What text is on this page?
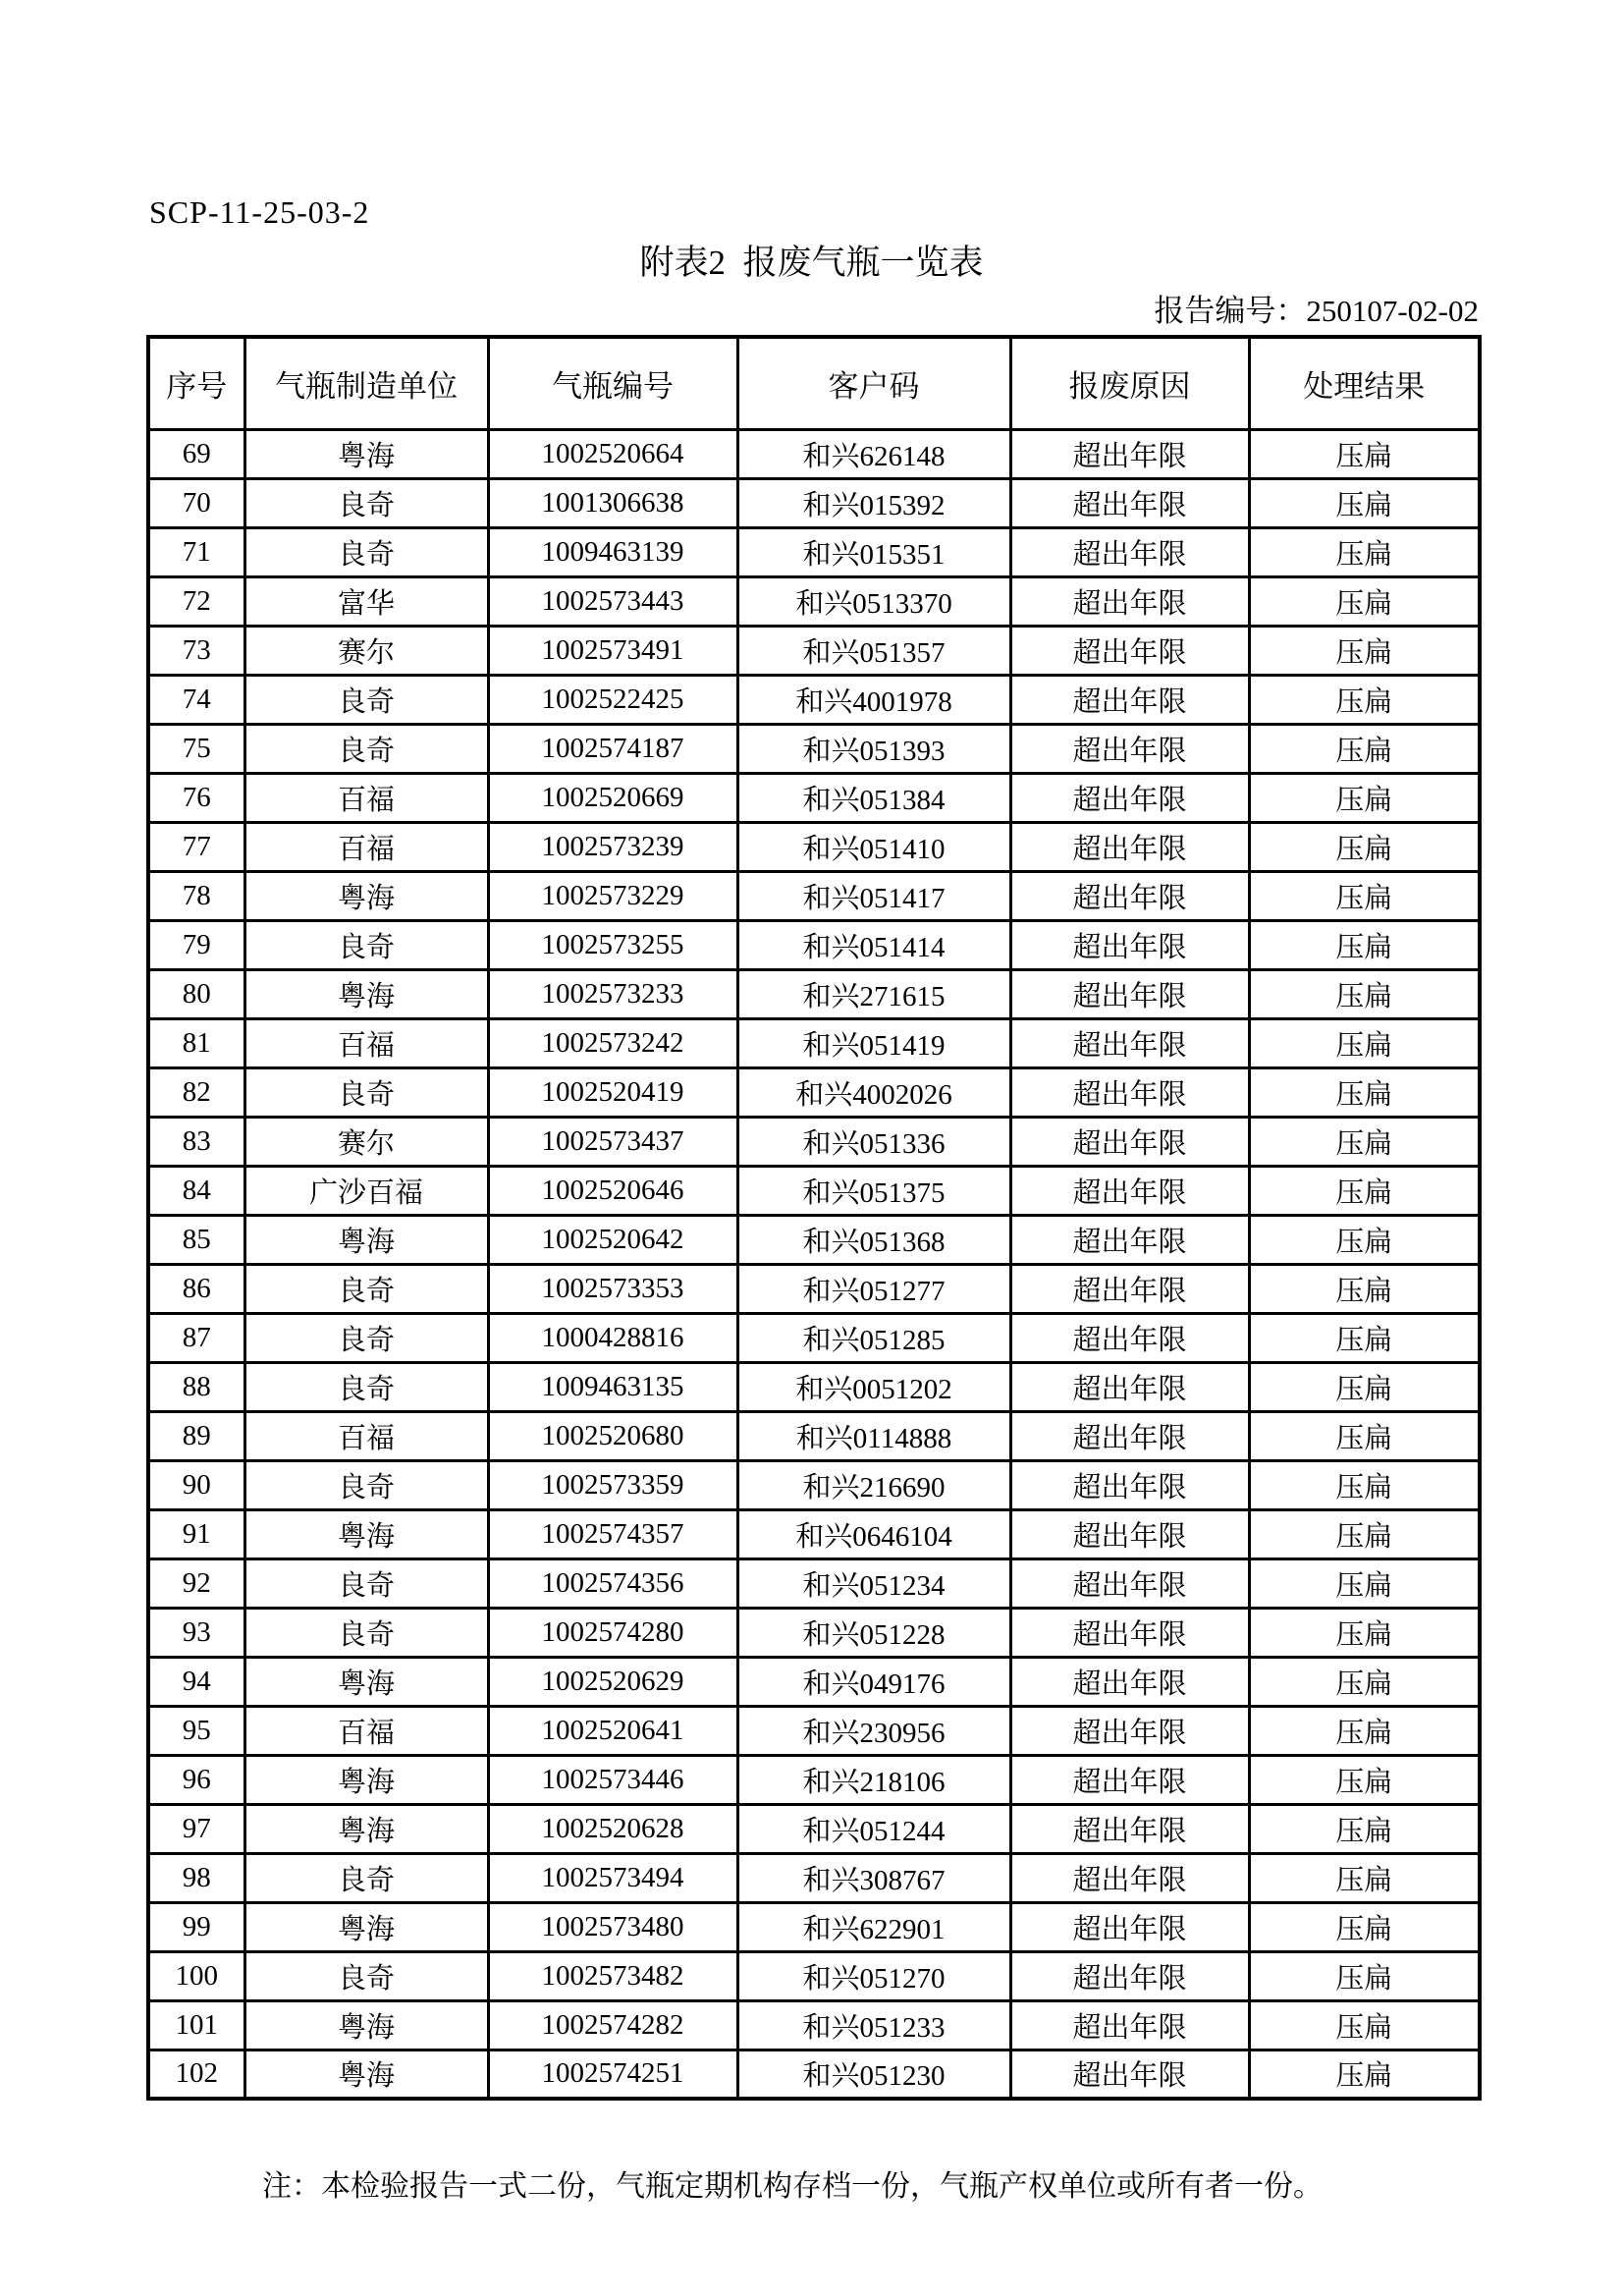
SCP-11-25-03-2
附表2  报废气瓶一览表
报告编号：250107-02-02
序号	气瓶制造单位	气瓶编号	客户码	报废原因	处理结果
69	粤海	1002520664	和兴626148	超出年限	压扁
70	良奇	1001306638	和兴015392	超出年限	压扁
71	良奇	1009463139	和兴015351	超出年限	压扁
72	富华	1002573443	和兴0513370	超出年限	压扁
73	赛尔	1002573491	和兴051357	超出年限	压扁
74	良奇	1002522425	和兴4001978	超出年限	压扁
75	良奇	1002574187	和兴051393	超出年限	压扁
76	百福	1002520669	和兴051384	超出年限	压扁
77	百福	1002573239	和兴051410	超出年限	压扁
78	粤海	1002573229	和兴051417	超出年限	压扁
79	良奇	1002573255	和兴051414	超出年限	压扁
80	粤海	1002573233	和兴271615	超出年限	压扁
81	百福	1002573242	和兴051419	超出年限	压扁
82	良奇	1002520419	和兴4002026	超出年限	压扁
83	赛尔	1002573437	和兴051336	超出年限	压扁
84	广沙百福	1002520646	和兴051375	超出年限	压扁
85	粤海	1002520642	和兴051368	超出年限	压扁
86	良奇	1002573353	和兴051277	超出年限	压扁
87	良奇	1000428816	和兴051285	超出年限	压扁
88	良奇	1009463135	和兴0051202	超出年限	压扁
89	百福	1002520680	和兴0114888	超出年限	压扁
90	良奇	1002573359	和兴216690	超出年限	压扁
91	粤海	1002574357	和兴0646104	超出年限	压扁
92	良奇	1002574356	和兴051234	超出年限	压扁
93	良奇	1002574280	和兴051228	超出年限	压扁
94	粤海	1002520629	和兴049176	超出年限	压扁
95	百福	1002520641	和兴230956	超出年限	压扁
96	粤海	1002573446	和兴218106	超出年限	压扁
97	粤海	1002520628	和兴051244	超出年限	压扁
98	良奇	1002573494	和兴308767	超出年限	压扁
99	粤海	1002573480	和兴622901	超出年限	压扁
100	良奇	1002573482	和兴051270	超出年限	压扁
101	粤海	1002574282	和兴051233	超出年限	压扁
102	粤海	1002574251	和兴051230	超出年限	压扁
注：本检验报告一式二份，气瓶定期机构存档一份，气瓶产权单位或所有者一份。
